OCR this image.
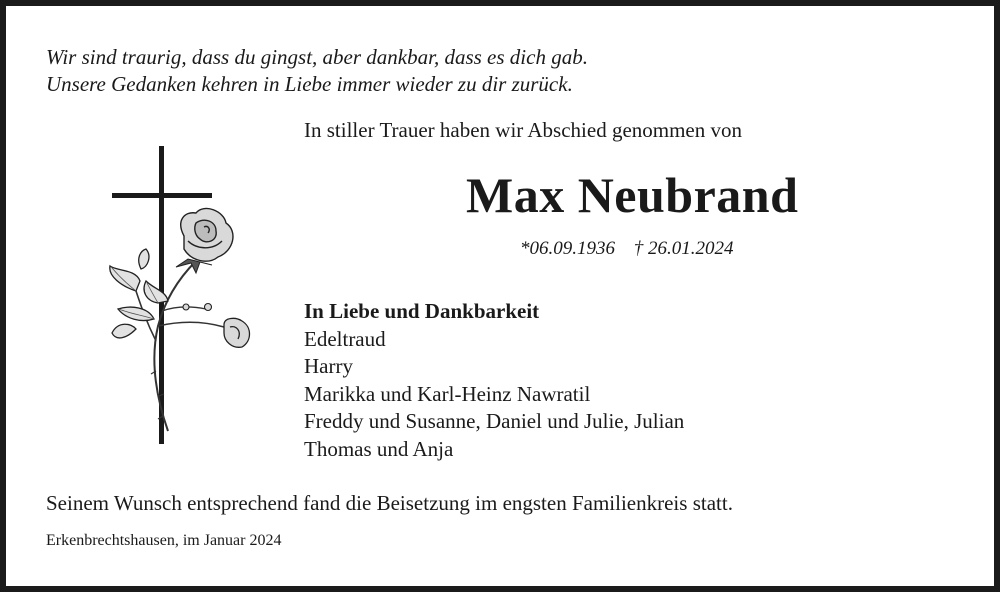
Wir sind traurig, dass du gingst, aber dankbar, dass es dich gab.
Unsere Gedanken kehren in Liebe immer wieder zu dir zurück.
In stiller Trauer haben wir Abschied genommen von
Max Neubrand
*06.09.1936 † 26.01.2024
In Liebe und Dankbarkeit
Edeltraud
Harry
Marikka und Karl-Heinz Nawratil
Freddy und Susanne, Daniel und Julie, Julian
Thomas und Anja
Seinem Wunsch entsprechend fand die Beisetzung im engsten Familienkreis statt.
Erkenbrechtshausen, im Januar 2024
